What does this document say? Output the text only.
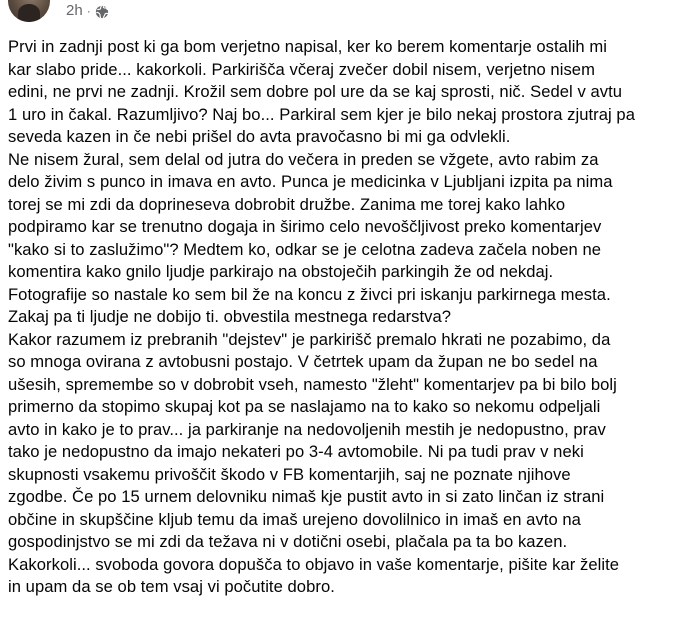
2h ·

Prvi in zadnji post ki ga bom verjetno napisal, ker ko berem komentarje ostalih mi
kar slabo pride... kakorkoli. Parkirišča včeraj zvečer dobil nisem, verjetno nisem
edini, ne prvi ne zadnji. Krožil sem dobre pol ure da se kaj sprosti, nič. Sedel v avtu
1 uro in čakal. Razumljivo? Naj bo... Parkiral sem kjer je bilo nekaj prostora zjutraj pa
seveda kazen in če nebi prišel do avta pravočasno bi mi ga odvlekli.
Ne nisem žural, sem delal od jutra do večera in preden se vžgete, avto rabim za
delo živim s punco in imava en avto. Punca je medicinka v Ljubljani izpita pa nima
torej se mi zdi da doprineseva dobrobit družbe. Zanima me torej kako lahko
podpiramo kar se trenutno dogaja in širimo celo nevoščljivost preko komentarjev
"kako si to zaslužimo"? Medtem ko, odkar se je celotna zadeva začela noben ne
komentira kako gnilo ljudje parkirajo na obstoječih parkingih že od nekdaj.
Fotografije so nastale ko sem bil že na koncu z živci pri iskanju parkirnega mesta.
Zakaj pa ti ljudje ne dobijo ti. obvestila mestnega redarstva?
Kakor razumem iz prebranih "dejstev" je parkirišč premalo hkrati ne pozabimo, da
so mnoga ovirana z avtobusni postajo. V četrtek upam da župan ne bo sedel na
ušesih, spremembe so v dobrobit vseh, namesto "žleht" komentarjev pa bi bilo bolj
primerno da stopimo skupaj kot pa se naslajamo na to kako so nekomu odpeljali
avto in kako je to prav... ja parkiranje na nedovoljenih mestih je nedopustno, prav
tako je nedopustno da imajo nekateri po 3-4 avtomobile. Ni pa tudi prav v neki
skupnosti vsakemu privoščit škodo v FB komentarjih, saj ne poznate njihove
zgodbe. Če po 15 urnem delovniku nimaš kje pustit avto in si zato linčan iz strani
občine in skupščine kljub temu da imaš urejeno dovolilnico in imaš en avto na
gospodinjstvo se mi zdi da težava ni v dotični osebi, plačala pa ta bo kazen.
Kakorkoli... svoboda govora dopušča to objavo in vaše komentarje, pišite kar želite
in upam da se ob tem vsaj vi počutite dobro.
